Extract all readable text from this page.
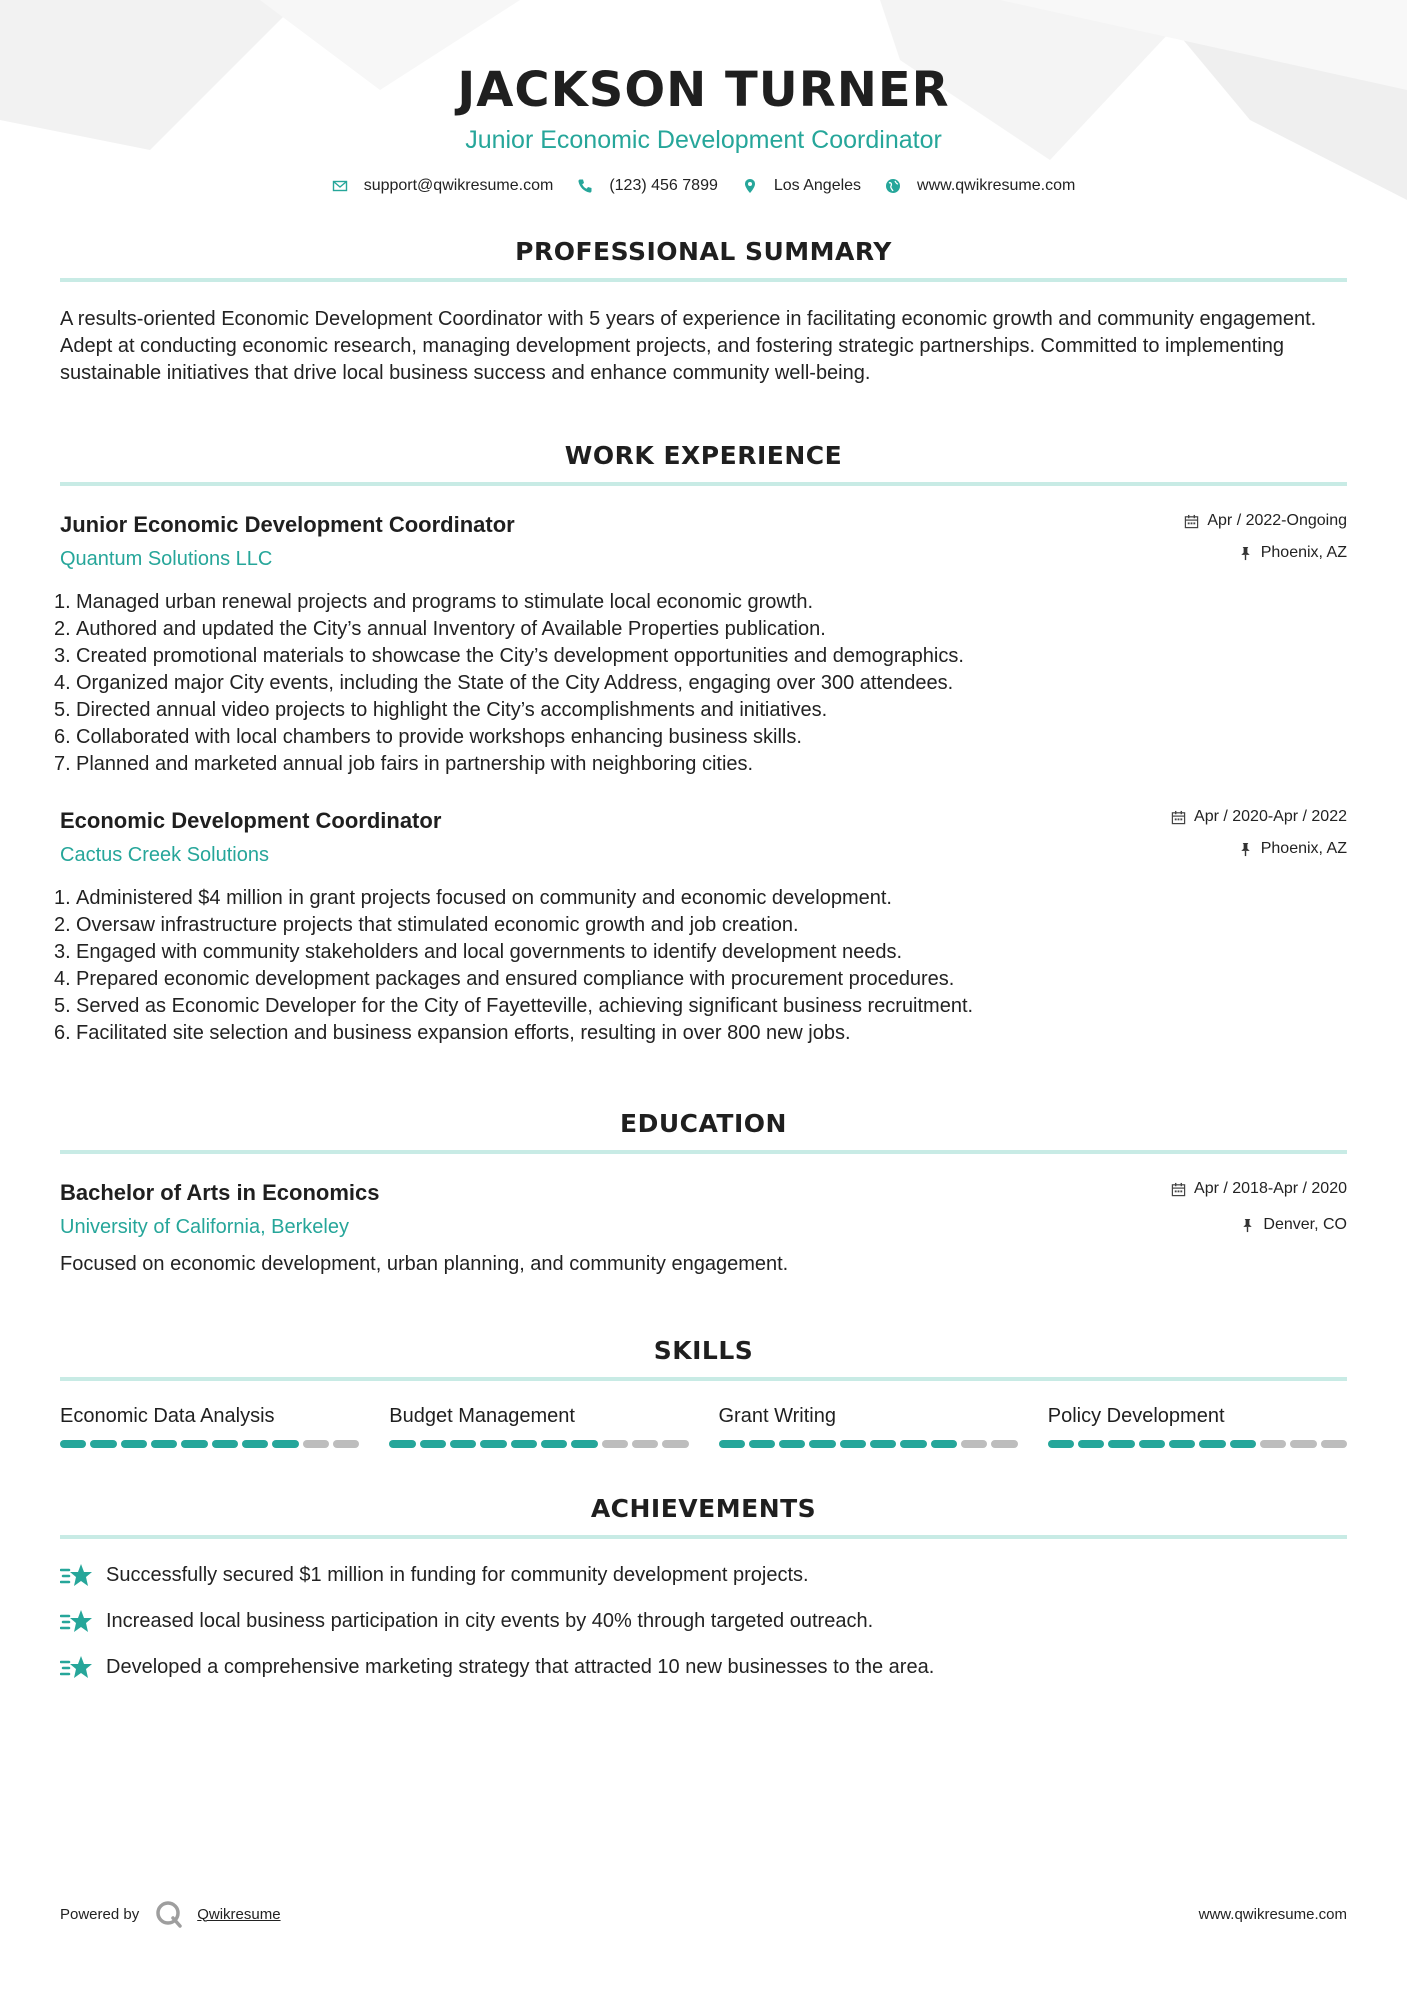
JACKSON TURNER
Junior Economic Development Coordinator
support@qwikresume.com	(123) 456 7899	Los Angeles	www.qwikresume.com
PROFESSIONAL SUMMARY

A results-oriented Economic Development Coordinator with 5 years of experience in facilitating economic growth and community engagement. Adept at conducting economic research, managing development projects, and fostering strategic partnerships. Committed to implementing sustainable initiatives that drive local business success and enhance community well-being.

WORK EXPERIENCE
Junior Economic Development Coordinator
Quantum Solutions LLC
Apr / 2022-Ongoing
Phoenix, AZ
Managed urban renewal projects and programs to stimulate local economic growth.
Authored and updated the City’s annual Inventory of Available Properties publication.
Created promotional materials to showcase the City’s development opportunities and demographics.
Organized major City events, including the State of the City Address, engaging over 300 attendees.
Directed annual video projects to highlight the City’s accomplishments and initiatives.
Collaborated with local chambers to provide workshops enhancing business skills.
Planned and marketed annual job fairs in partnership with neighboring cities.
Economic Development Coordinator
Cactus Creek Solutions
Apr / 2020-Apr / 2022
Phoenix, AZ
Administered $4 million in grant projects focused on community and economic development.
Oversaw infrastructure projects that stimulated economic growth and job creation.
Engaged with community stakeholders and local governments to identify development needs.
Prepared economic development packages and ensured compliance with procurement procedures.
Served as Economic Developer for the City of Fayetteville, achieving significant business recruitment.
Facilitated site selection and business expansion efforts, resulting in over 800 new jobs.
EDUCATION
Bachelor of Arts in Economics
University of California, Berkeley
Apr / 2018-Apr / 2020
Denver, CO

Focused on economic development, urban planning, and community engagement.

SKILLS
Economic Data Analysis	Budget Management	Grant Writing	Policy Development
ACHIEVEMENTS
Successfully secured $1 million in funding for community development projects.
Increased local business participation in city events by 40% through targeted outreach.
Developed a comprehensive marketing strategy that attracted 10 new businesses to the area.
Powered by	Qwikresume	www.qwikresume.com
